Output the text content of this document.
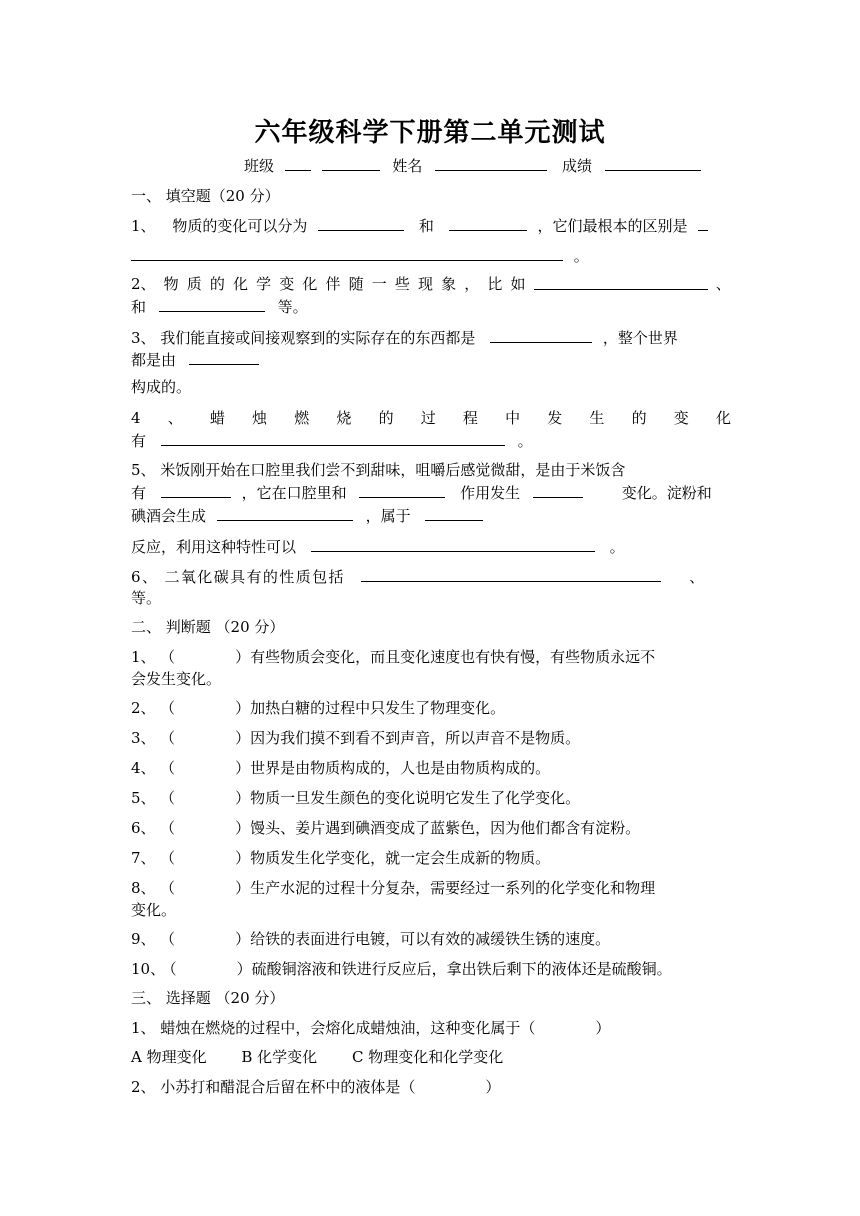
六年级科学下册第二单元测试
班级	姓名	成绩
一、 填空题（20 分）
1、 物质的变化可以分为	和	，它们最根本的区别是
。
2、 物 质 的 化 学 变 化 伴 随 一 些 现 象 ， 比 如	、
和	等。
3、 我们能直接或间接观察到的实际存在的东西都是	，整个世界
都是由
构成的。
4 、 蜡 烛 燃 烧 的 过 程 中 发 生 的 变 化
有	。
5、 米饭刚开始在口腔里我们尝不到甜味，咀嚼后感觉微甜，是由于米饭含
有	，它在口腔里和	作用发生	变化。淀粉和
碘酒会生成	，属于
反应，利用这种特性可以	。
6、 二氧化碳具有的性质包括	、
等。
二、 判断题 （20 分）
1、 （	）有些物质会变化，而且变化速度也有快有慢，有些物质永远不
会发生变化。
2、 （	）加热白糖的过程中只发生了物理变化。
3、 （	）因为我们摸不到看不到声音，所以声音不是物质。
4、 （	）世界是由物质构成的，人也是由物质构成的。
5、 （	）物质一旦发生颜色的变化说明它发生了化学变化。
6、 （	）馒头、姜片遇到碘酒变成了蓝紫色，因为他们都含有淀粉。
7、 （	）物质发生化学变化，就一定会生成新的物质。
8、 （	）生产水泥的过程十分复杂，需要经过一系列的化学变化和物理
变化。
9、 （	）给铁的表面进行电镀，可以有效的减缓铁生锈的速度。
10、 （	）硫酸铜溶液和铁进行反应后，拿出铁后剩下的液体还是硫酸铜。
三、 选择题 （20 分）
1、 蜡烛在燃烧的过程中，会熔化成蜡烛油，这种变化属于（	）
A 物理变化 B 化学变化 C 物理变化和化学变化
2、 小苏打和醋混合后留在杯中的液体是（	）
